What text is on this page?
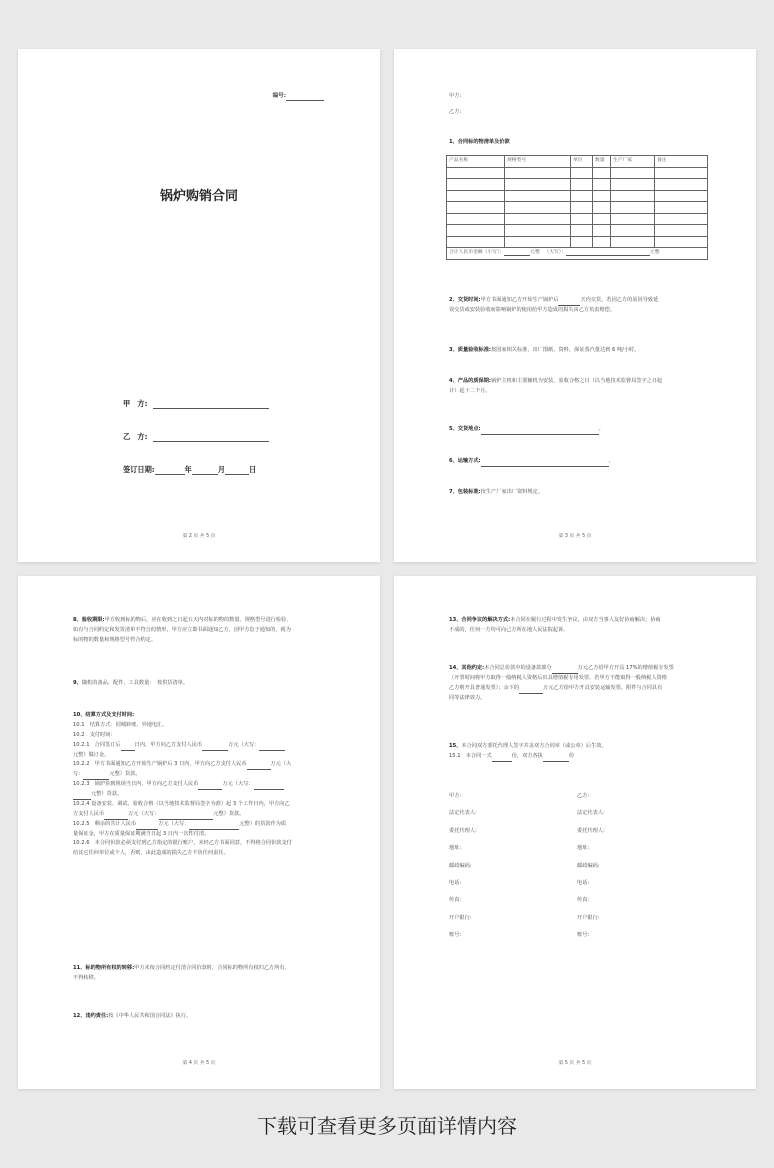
编号:
锅炉购销合同
甲　方:
乙　方:
签订日期:	年	月	日
第 2 页 共 5 页
甲方:
乙方:
1、合同标的物清单及价款
产品名称	规格型号	单位	数量	生产厂家	备注

合计人民币金额（小写）： 元整 （大写）： 元整					
2、交货时间:甲方书面通知乙方开始生产锅炉后	天内交货。若因乙方的原因导致延
误交货或安装验收而影响锅炉的使用给甲方造成的损失由乙方负责赔偿。
3、质量验收标准:按国家相关标准、出厂图纸、资料，保证蒸汽量达到 6 吨/小时。
4、产品的质保期:锅炉主机和主要辅机为安装、验收合格之日（以当地技术监督局签字之日起
计）起十二个月。
5、交货地点:	。
6、运输方式:	。
7、包装标准:按生产厂家出厂资料规定。
第 3 页 共 5 页
8、验收期限:甲方收到标的物后，应在收到之日起五天内对标的物的数量、规格型号进行检验，
如有与合同约定和发货清单不符合的情形，甲方应立即书面通知乙方，因甲方怠于通知的，视为
标的物的数量和规格型号符合约定。
9、随机的备品、配件、工具数量：　按供货清单。
10、结算方式及支付时间:
10.1　结算方式：同城转账、异地电汇。
10.2　支付时间：
10.2.1　合同签订后	日内，甲方向乙方支付人民币	万元（大写：
元整）做订金。
10.2.2　甲方书面通知乙方开始生产锅炉后 3 日内，甲方向乙方支付人民币	万元（大
写：	元整）货款。
10.2.3　锅炉货到现场当日内，甲方向乙方支付人民币	万元（大写：
元整）货款。
10.2.4 设备安装、调试、验收合格（以当地技术监督局签字为准）起 3 个工作日内，甲方向乙
方支付人民币	万元（大写：	元整）货款。
10.2.5　剩余的共计人民币	万元（大写：	元整）的货款作为质
量保证金，甲方在质量保证期满当日起 3 日内一次性付清。
10.2.6　本合同价款必须支付到乙方指定的银行账户，未经乙方书面同意，不得将合同价款支付
给其它任何单位或个人，否则，由此造成的损失乙方不负任何责任。
11、标的物所有权的转移:甲方未按合同约定付清合同价款时，合同标的物所有权归乙方所有，
不得转移。
12、违约责任:按《中华人民共和国合同法》执行。
第 4 页 共 5 页
13、合同争议的解决方式:本合同在履行过程中发生争议，由双方当事人友好协商解决；协商
不成的，任何一方均可向己方所在地人民法院起诉。
14、其他约定:本合同总价款中的设备款部分	万元乙方给甲方开具 17%的增值税专发票
（开票时间将甲方取得一般纳税人资格后出具增值税专用发票。若甲方不能取得一般纳税人资格
乙方则开具普通发票）；余下的	万元乙方给甲方开具安装运输发票。附件与合同具有
同等法律效力。
15、本合同双方委托代理人签字并盖双方合同章（或公章）后生效。
15.1　本合同一式	份，双方各执	份
甲方:
法定代表人:
委托代理人:
地址:
邮政编码:
电话:
传真:
开户银行:
账号:
乙方:
法定代表人:
委托代理人:
地址:
邮政编码:
电话:
传真:
开户银行:
账号:
第 5 页 共 5 页
下载可查看更多页面详情内容
